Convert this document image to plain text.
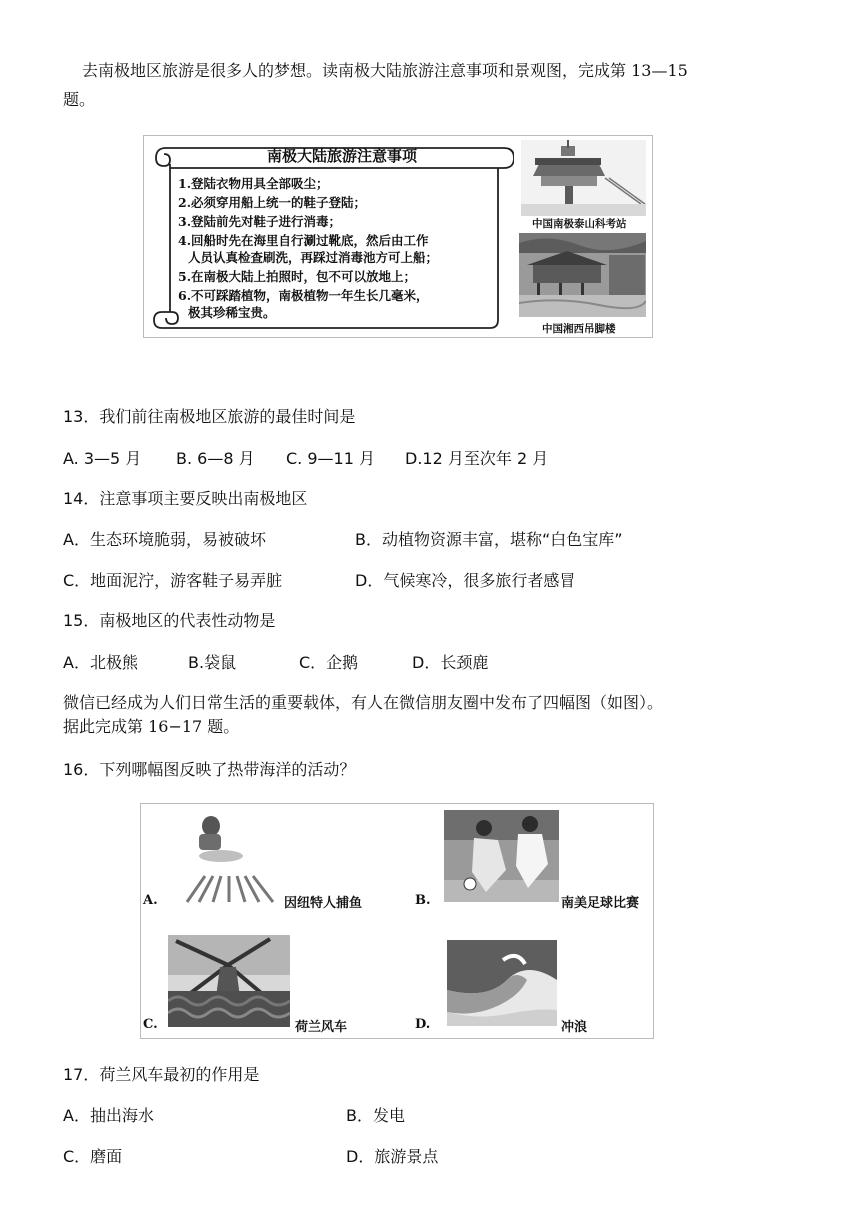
去南极地区旅游是很多人的梦想。读南极大陆旅游注意事项和景观图，完成第 13—15
题。
南极大陆旅游注意事项
1.登陆衣物用具全部吸尘；
2.必须穿用船上统一的鞋子登陆；
3.登陆前先对鞋子进行消毒；
4.回船时先在海里自行涮过靴底，然后由工作
人员认真检查刷洗，再踩过消毒池方可上船；
5.在南极大陆上拍照时，包不可以放地上；
6.不可踩踏植物，南极植物一年生长几毫米，
极其珍稀宝贵。
中国南极泰山科考站
中国湘西吊脚楼
13．我们前往南极地区旅游的最佳时间是
A. 3—5 月 B. 6—8 月 C. 9—11 月 D.12 月至次年 2 月
14．注意事项主要反映出南极地区
A．生态环境脆弱，易被破坏	B．动植物资源丰富，堪称“白色宝库”
C．地面泥泞，游客鞋子易弄脏	D．气候寒冷，很多旅行者感冒
15．南极地区的代表性动物是
A．北极熊	B.袋鼠	C．企鹅	D．长颈鹿
微信已经成为人们日常生活的重要载体，有人在微信朋友圈中发布了四幅图（如图）。
据此完成第 16−17 题。
16．下列哪幅图反映了热带海洋的活动？
A.	因纽特人捕鱼	B.	南美足球比赛
C.	荷兰风车	D.	冲浪
17．荷兰风车最初的作用是
A．抽出海水	B．发电
C．磨面	D．旅游景点
